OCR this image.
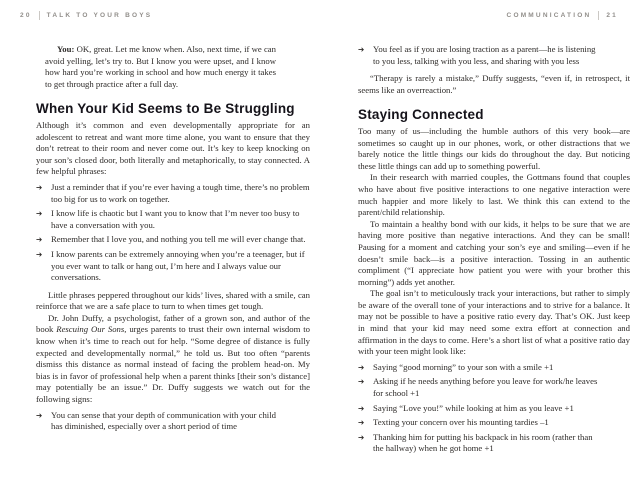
20 TALK TO YOUR BOYS	COMMUNICATION 21

You: OK, great. Let me know when. Also, next time, if we can avoid yelling, let’s try to. But I know you were upset, and I know how hard you’re working in school and how much energy it takes to get through practice after a full day.

When Your Kid Seems to Be Struggling

Although it’s common and even developmentally appropriate for an adolescent to retreat and want more time alone, you want to ensure that they don’t retreat to their room and never come out. It’s key to keep knocking on your son’s closed door, both literally and metaphorically, to stay connected. A few helpful phrases:

➔ Just a reminder that if you’re ever having a tough time, there’s no problem too big for us to work on together.
➔ I know life is chaotic but I want you to know that I’m never too busy to have a conversation with you.
➔ Remember that I love you, and nothing you tell me will ever change that.
➔ I know parents can be extremely annoying when you’re a teenager, but if you ever want to talk or hang out, I’m here and I always value our conversations.

Little phrases peppered throughout our kids’ lives, shared with a smile, can reinforce that we are a safe place to turn to when times get tough.

Dr. John Duffy, a psychologist, father of a grown son, and author of the book Rescuing Our Sons, urges parents to trust their own internal wisdom to know when it’s time to reach out for help. “Some degree of distance is fully expected and developmentally normal,” he told us. But too often “parents dismiss this distance as normal instead of facing the problem head-on. My bias is in favor of professional help when a parent thinks [their son’s distance] may potentially be an issue.” Dr. Duffy suggests we watch out for the following signs:

➔ You can sense that your depth of communication with your child has diminished, especially over a short period of time
➔ You feel as if you are losing traction as a parent—he is listening to you less, talking with you less, and sharing with you less

“Therapy is rarely a mistake,” Duffy suggests, “even if, in retrospect, it seems like an overreaction.”

Staying Connected

Too many of us—including the humble authors of this very book—are sometimes so caught up in our phones, work, or other distractions that we barely notice the little things our kids do throughout the day. But noticing these little things can add up to something powerful.

In their research with married couples, the Gottmans found that couples who have about five positive interactions to one negative interaction were much happier and more likely to last. We think this can extend to the parent/child relationship.

To maintain a healthy bond with our kids, it helps to be sure that we are having more positive than negative interactions. And they can be small! Pausing for a moment and catching your son’s eye and smiling—even if he doesn’t smile back—is a positive interaction. Tossing in an authentic compliment (“I appreciate how patient you were with your brother this morning”) adds yet another.

The goal isn’t to meticulously track your interactions, but rather to simply be aware of the overall tone of your interactions and to strive for a balance. It may not be possible to have a positive ratio every day. That’s OK. Just keep in mind that your kid may need some extra effort at connection and affirmation in the days to come. Here’s a short list of what a positive ratio day with your teen might look like:

➔ Saying “good morning” to your son with a smile +1
➔ Asking if he needs anything before you leave for work/he leaves for school +1
➔ Saying “Love you!” while looking at him as you leave +1
➔ Texting your concern over his mounting tardies –1
➔ Thanking him for putting his backpack in his room (rather than the hallway) when he got home +1
